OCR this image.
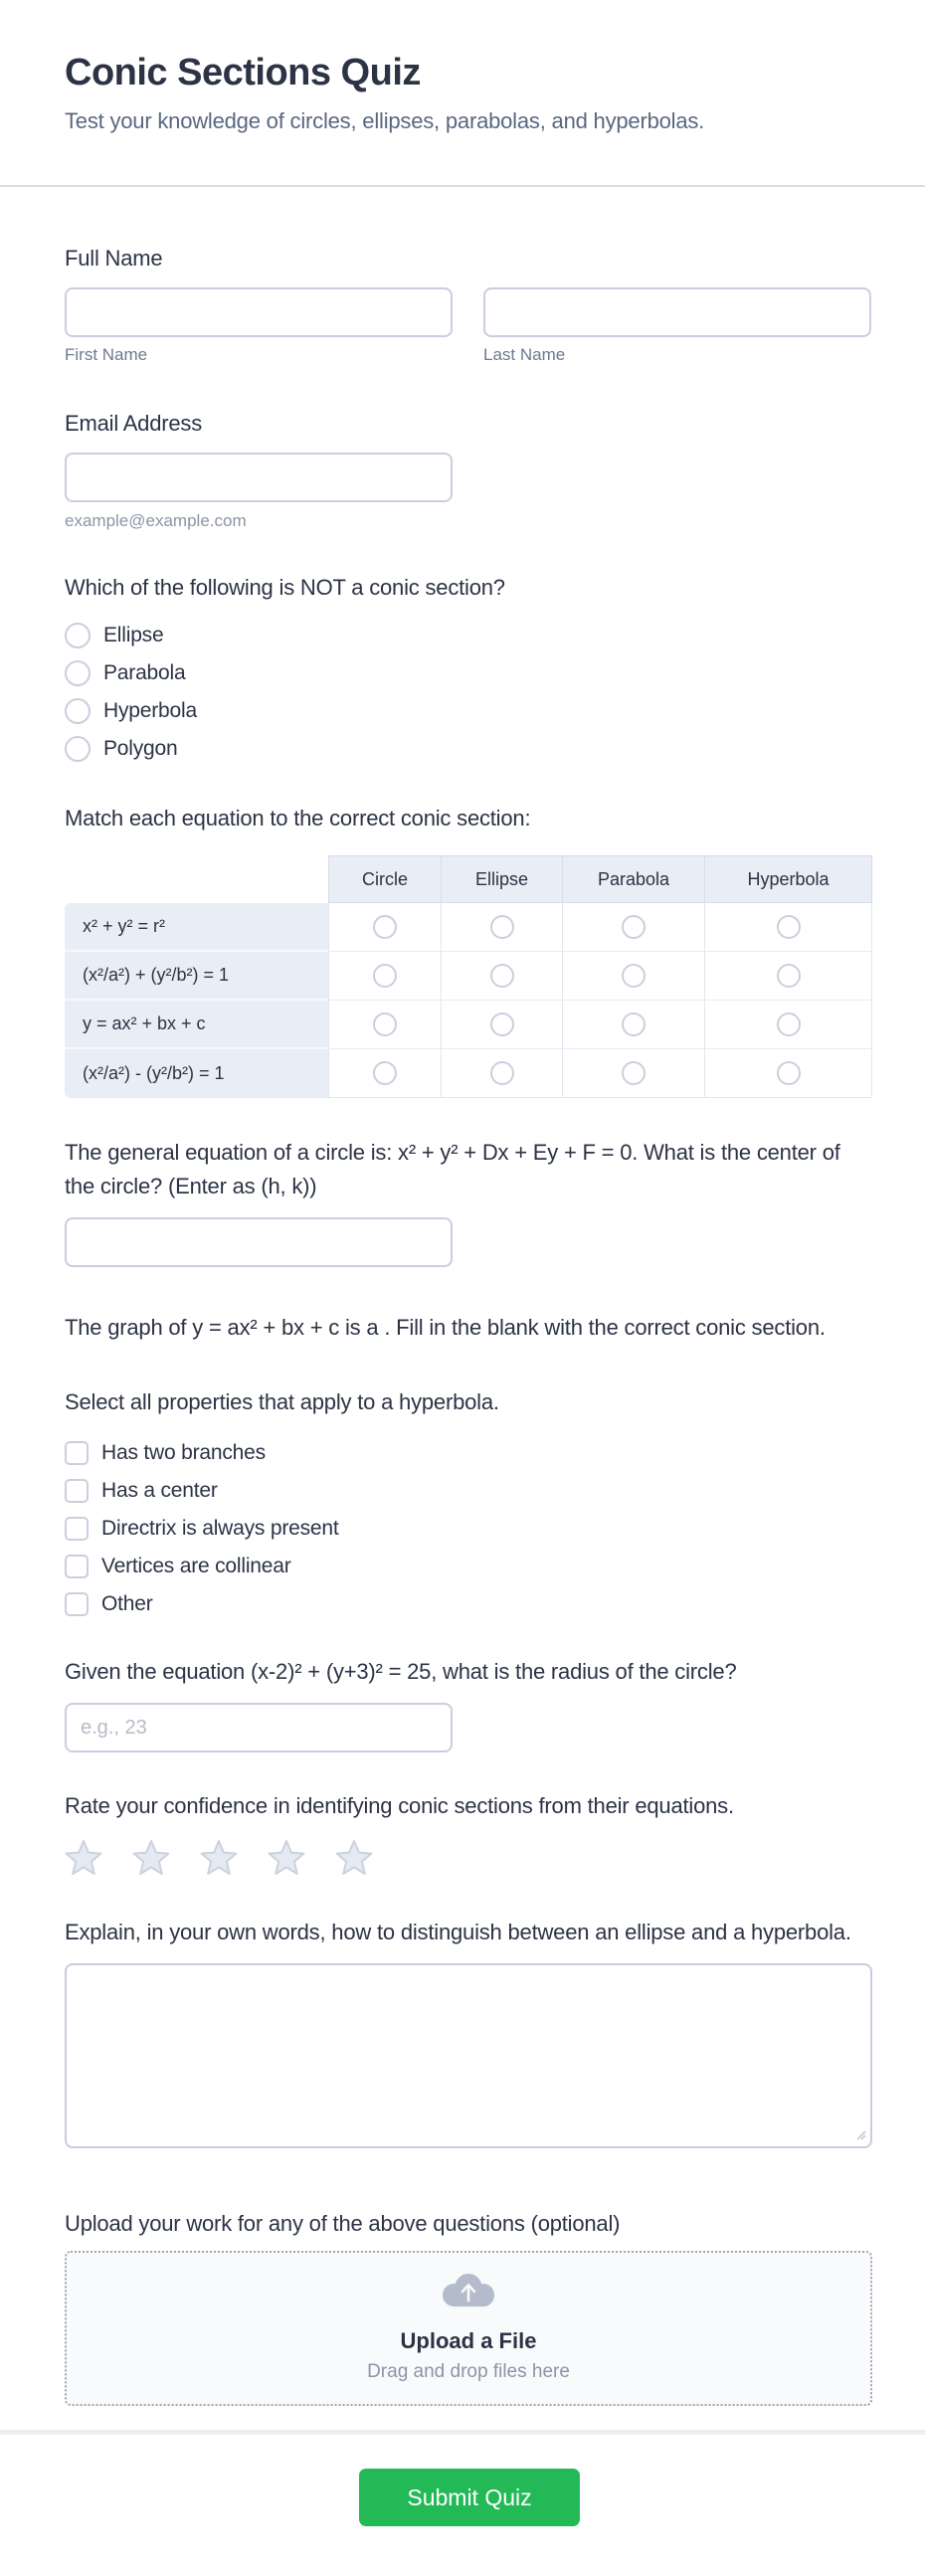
Conic Sections Quiz
Test your knowledge of circles, ellipses, parabolas, and hyperbolas.
Full Name
First Name	Last Name
Email Address
example@example.com
Which of the following is NOT a conic section?
Ellipse
Parabola
Hyperbola
Polygon
Match each equation to the correct conic section:
	Circle	Ellipse	Parabola	Hyperbola
x² + y² = r²				
(x²/a²) + (y²/b²) = 1				
y = ax² + bx + c				
(x²/a²) - (y²/b²) = 1				
The general equation of a circle is: x² + y² + Dx + Ey + F = 0. What is the center of the circle? (Enter as (h, k))
The graph of y = ax² + bx + c is a . Fill in the blank with the correct conic section.
Select all properties that apply to a hyperbola.
Has two branches
Has a center
Directrix is always present
Vertices are collinear
Other
Given the equation (x-2)² + (y+3)² = 25, what is the radius of the circle?
e.g., 23
Rate your confidence in identifying conic sections from their equations.
Explain, in your own words, how to distinguish between an ellipse and a hyperbola.
Upload your work for any of the above questions (optional)
Upload a File
Drag and drop files here
Submit Quiz
